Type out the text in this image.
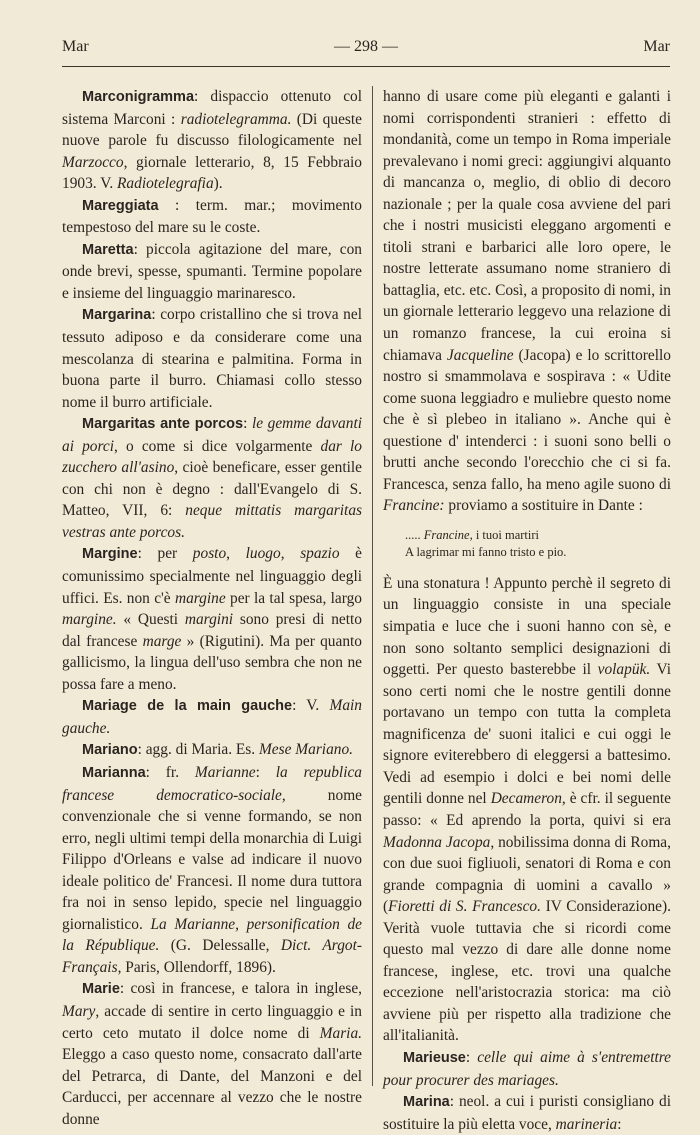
Mar	— 298 —	Mar

Marconigramma: dispaccio ottenuto col sistema Marconi : radiotelegramma. (Di queste nuove parole fu discusso filologicamente nel Marzocco, giornale letterario, 8, 15 Febbraio 1903. V. Radiotelegrafia).

Mareggiata : term. mar.; movimento tempestoso del mare su le coste.

Maretta: piccola agitazione del mare, con onde brevi, spesse, spumanti. Termine popolare e insieme del linguaggio marinaresco.

Margarina: corpo cristallino che si trova nel tessuto adiposo e da considerare come una mescolanza di stearina e palmitina. Forma in buona parte il burro. Chiamasi collo stesso nome il burro artificiale.

Margaritas ante porcos: le gemme davanti ai porci, o come si dice volgarmente dar lo zucchero all'asino, cioè beneficare, esser gentile con chi non è degno : dall'Evangelo di S. Matteo, VII, 6: neque mittatis margaritas vestras ante porcos.

Margine: per posto, luogo, spazio è comunissimo specialmente nel linguaggio degli uffici. Es. non c'è margine per la tal spesa, largo margine. « Questi margini sono presi di netto dal francese marge » (Rigutini). Ma per quanto gallicismo, la lingua dell'uso sembra che non ne possa fare a meno.

Mariage de la main gauche: V. Main gauche.

Mariano: agg. di Maria. Es. Mese Mariano.

Marianna: fr. Marianne: la republica francese democratico-sociale, nome convenzionale che si venne formando, se non erro, negli ultimi tempi della monarchia di Luigi Filippo d'Orleans e valse ad indicare il nuovo ideale politico de' Francesi. Il nome dura tuttora fra noi in senso lepido, specie nel linguaggio giornalistico. La Marianne, personification de la République. (G. Delessalle, Dict. Argot-Français, Paris, Ollendorff, 1896).

Marie: così in francese, e talora in inglese, Mary, accade di sentire in certo linguaggio e in certo ceto mutato il dolce nome di Maria. Eleggo a caso questo nome, consacrato dall'arte del Petrarca, di Dante, del Manzoni e del Carducci, per accennare al vezzo che le nostre donne

hanno di usare come più eleganti e galanti i nomi corrispondenti stranieri : effetto di mondanità, come un tempo in Roma imperiale prevalevano i nomi greci: aggiungivi alquanto di mancanza o, meglio, di oblio di decoro nazionale ; per la quale cosa avviene del pari che i nostri musicisti eleggano argomenti e titoli strani e barbarici alle loro opere, le nostre letterate assumano nome straniero di battaglia, etc. etc. Così, a proposito di nomi, in un giornale letterario leggevo una relazione di un romanzo francese, la cui eroina si chiamava Jacqueline (Jacopa) e lo scrittorello nostro si smammolava e sospirava : « Udite come suona leggiadro e muliebre questo nome che è sì plebeo in italiano ». Anche qui è questione d' intenderci : i suoni sono belli o brutti anche secondo l'orecchio che ci si fa. Francesca, senza fallo, ha meno agile suono di Francine: proviamo a sostituire in Dante :

..... Francine, i tuoi martiri
A lagrimar mi fanno tristo e pio.

È una stonatura ! Appunto perchè il segreto di un linguaggio consiste in una speciale simpatia e luce che i suoni hanno con sè, e non sono soltanto semplici designazioni di oggetti. Per questo basterebbe il volapük. Vi sono certi nomi che le nostre gentili donne portavano un tempo con tutta la completa magnificenza de' suoni italici e cui oggi le signore eviterebbero di eleggersi a battesimo. Vedi ad esempio i dolci e bei nomi delle gentili donne nel Decameron, è cfr. il seguente passo: « Ed aprendo la porta, quivi si era Madonna Jacopa, nobilissima donna di Roma, con due suoi figliuoli, senatori di Roma e con grande compagnia di uomini a cavallo » (Fioretti di S. Francesco. IV Considerazione). Verità vuole tuttavia che si ricordi come questo mal vezzo di dare alle donne nome francese, inglese, etc. trovi una qualche eccezione nell'aristocrazia storica: ma ciò avviene più per rispetto alla tradizione che all'italianità.

Marieuse: celle qui aime à s'entremettre pour procurer des mariages.

Marina: neol. a cui i puristi consigliano di sostituire la più eletta voce, marineria:
